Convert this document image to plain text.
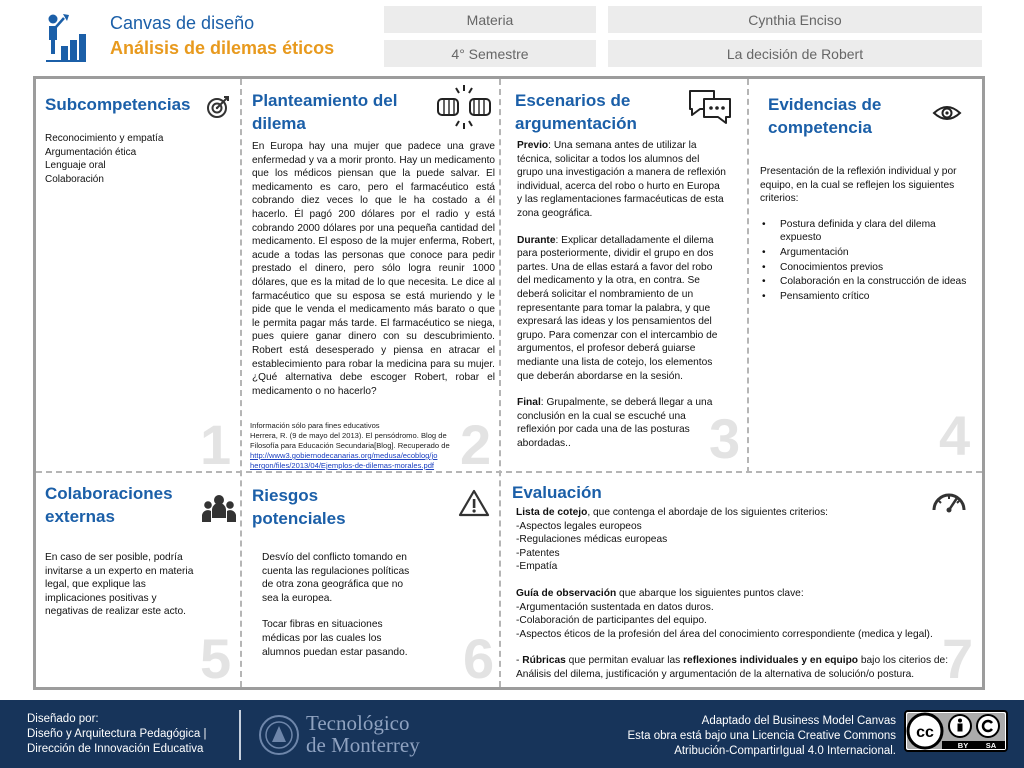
Canvas de diseño
Análisis de dilemas éticos
Materia
4° Semestre
Cynthia Enciso
La decisión de Robert
Subcompetencias
Reconocimiento y empatía
Argumentación ética
Lenguaje oral
Colaboración
1
Planteamiento del
dilema
En Europa hay una mujer que padece una grave enfermedad y va a morir pronto. Hay un medicamento que los médicos piensan que la puede salvar. El medicamento es caro, pero el farmacéutico está cobrando diez veces lo que le ha costado a él hacerlo. Él pagó 200 dólares por el radio y está cobrando 2000 dólares por una pequeña cantidad del medicamento. El esposo de la mujer enferma, Robert, acude a todas las personas que conoce para pedir prestado el dinero, pero sólo logra reunir 1000 dólares, que es la mitad de lo que necesita. Le dice al farmacéutico que su esposa se está muriendo y le pide que le venda el medicamento más barato o que le permita pagar más tarde. El farmacéutico se niega, pues quiere ganar dinero con su descubrimiento. Robert está desesperado y piensa en atracar el establecimiento para robar la medicina para su mujer. ¿Qué alternativa debe escoger Robert, robar el medicamento o no hacerlo?
Información sólo para fines educativos
Herrera, R. (9 de mayo del 2013). El pensódromo. Blog de Filosofía para Educación Secundaria[Blog]. Recuperado de
http://www3.gobiernodecanarias.org/medusa/ecoblog/jo hergon/files/2013/04/Ejemplos-de-dilemas-morales.pdf 2
Escenarios de
argumentación

Previo: Una semana antes de utilizar la técnica, solicitar a todos los alumnos del grupo una investigación a manera de reflexión individual, acerca del robo o hurto en Europa y las reglamentaciones farmacéuticas de esta zona geográfica.

Durante: Explicar detalladamente el dilema para posteriormente, dividir el grupo en dos partes. Una de ellas estará a favor del robo del medicamento y la otra, en contra. Se deberá solicitar el nombramiento de un representante para tomar la palabra, y que expresará las ideas y los pensamientos del grupo. Para comenzar con el intercambio de argumentos, el profesor deberá guiarse mediante una lista de cotejo, los elementos que deberán abordarse en la sesión.

Final: Grupalmente, se deberá llegar a una conclusión en la cual se escuché una reflexión por cada una de las posturas abordadas..	3
Evidencias de
competencia
Presentación de la reflexión individual y por equipo, en la cual se reflejen los siguientes criterios:
• Postura definida y clara del dilema expuesto
• Argumentación
• Conocimientos previos
• Colaboración en la construcción de ideas
• Pensamiento crítico
4
Colaboraciones
externas
En caso de ser posible, podría invitarse a un experto en materia legal, que explique las implicaciones positivas y negativas de realizar este acto.
5
Riesgos
potenciales

Desvío del conflicto tomando en cuenta las regulaciones políticas de otra zona geográfica que no sea la europea.

Tocar fibras en situaciones médicas por las cuales los alumnos puedan estar pasando. 6
Evaluación

Lista de cotejo, que contenga el abordaje de los siguientes criterios:
-Aspectos legales europeos
-Regulaciones médicas europeas
-Patentes
-Empatía

Guía de observación que abarque los siguientes puntos clave:
-Argumentación sustentada en datos duros.
-Colaboración de participantes del equipo.
-Aspectos éticos de la profesión del área del conocimiento correspondiente (medica y legal).

- Rúbricas que permitan evaluar las reflexiones individuales y en equipo bajo los citerios de:
Análisis del dilema, justificación y argumentación de la alternativa de solución/o postura. 7
Diseñado por:
Diseño y Arquitectura Pedagógica |
Dirección de Innovación Educativa
Tecnológico
de Monterrey
Adaptado del Business Model Canvas
Esta obra está bajo una Licencia Creative Commons
Atribución-CompartirIgual 4.0 Internacional.
cc
BY SA
